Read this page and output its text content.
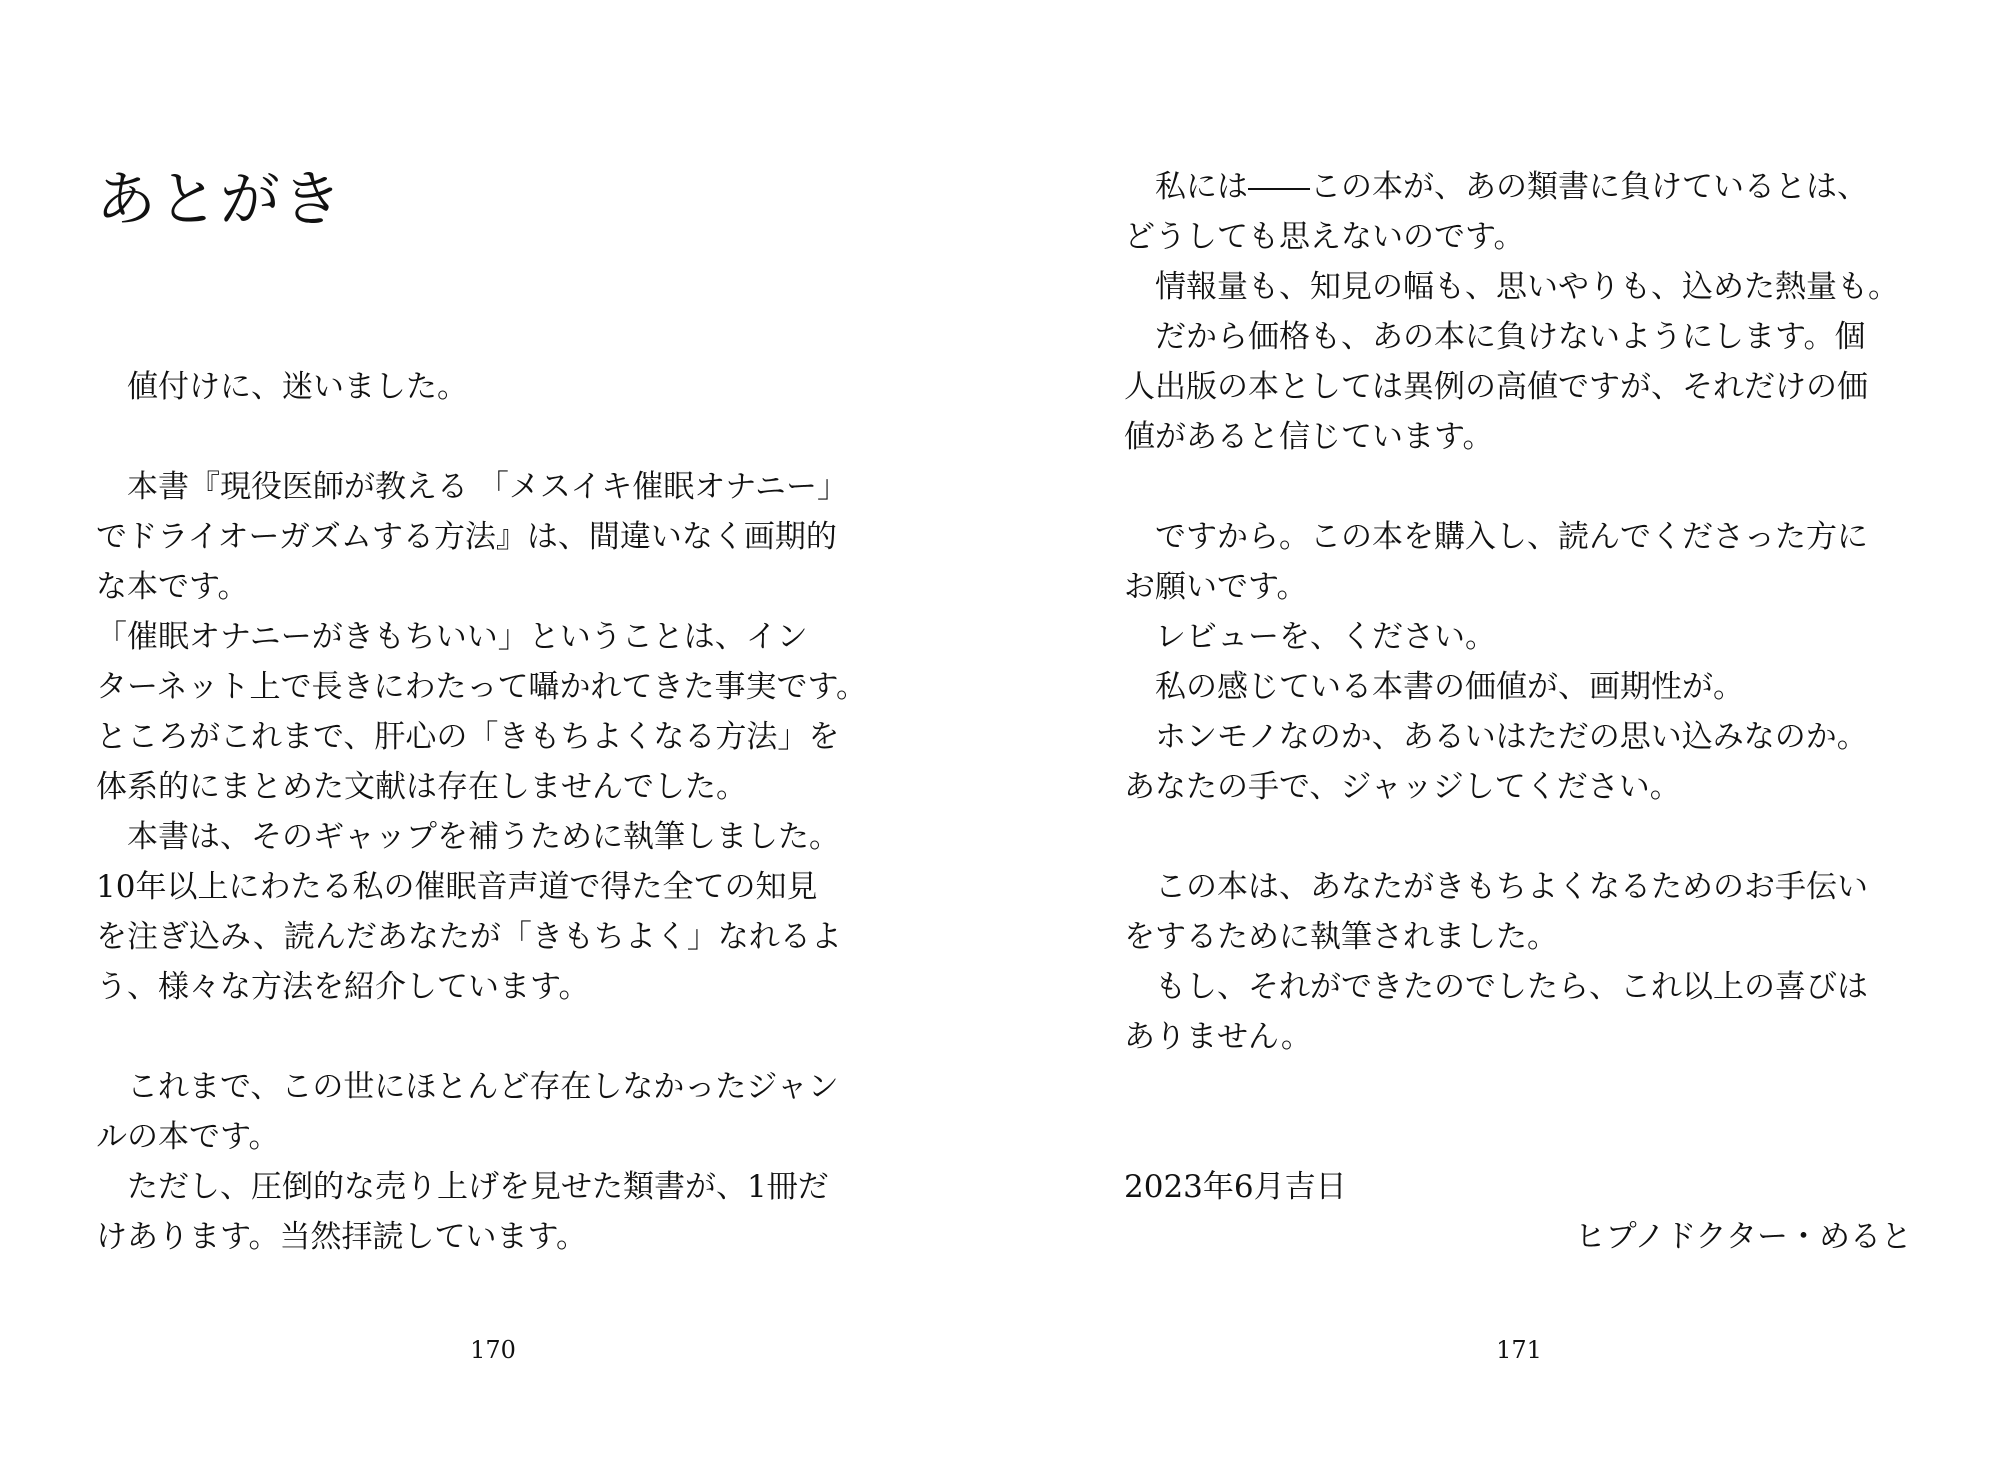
あとがき
　値付けに、迷いました。
　本書『現役医師が教える 「メスイキ催眠オナニー」
でドライオーガズムする方法』は、間違いなく画期的
な本です。
「催眠オナニーがきもちいい」ということは、イン
ターネット上で長きにわたって囁かれてきた事実です。
ところがこれまで、肝心の「きもちよくなる方法」を
体系的にまとめた文献は存在しませんでした。
　本書は、そのギャップを補うために執筆しました。
10年以上にわたる私の催眠音声道で得た全ての知見
を注ぎ込み、読んだあなたが「きもちよく」なれるよ
う、様々な方法を紹介しています。
　これまで、この世にほとんど存在しなかったジャン
ルの本です。
　ただし、圧倒的な売り上げを見せた類書が、1冊だ
けあります。当然拝読しています。
170
　私には――この本が、あの類書に負けているとは、
どうしても思えないのです。
　情報量も、知見の幅も、思いやりも、込めた熱量も。
　だから価格も、あの本に負けないようにします。個
人出版の本としては異例の高値ですが、それだけの価
値があると信じています。
　ですから。この本を購入し、読んでくださった方に
お願いです。
　レビューを、ください。
　私の感じている本書の価値が、画期性が。
　ホンモノなのか、あるいはただの思い込みなのか。
あなたの手で、ジャッジしてください。
　この本は、あなたがきもちよくなるためのお手伝い
をするために執筆されました。
　もし、それができたのでしたら、これ以上の喜びは
ありません。
2023年6月吉日
ヒプノドクター・めると
171
